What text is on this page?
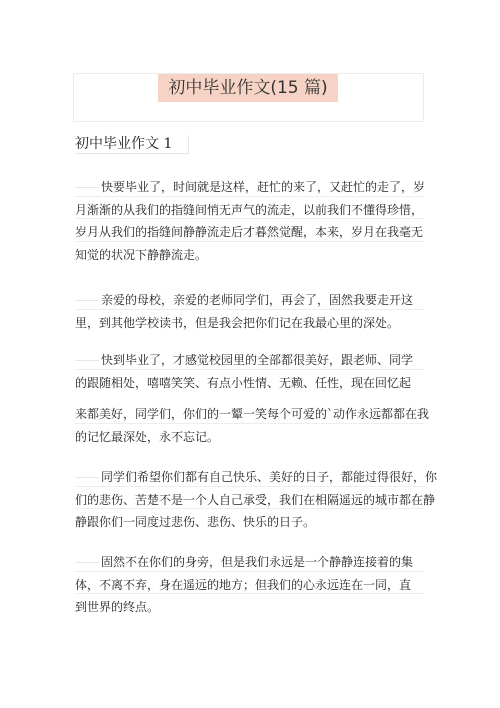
初中毕业作文(15 篇)
初中毕业作文 1
快要毕业了，时间就是这样，赶忙的来了，又赶忙的走了，岁
月渐渐的从我们的指缝间悄无声气的流走，以前我们不懂得珍惜，
岁月从我们的指缝间静静流走后才暮然觉醒，本来，岁月在我毫无
知觉的状况下静静流走。
亲爱的母校，亲爱的老师同学们，再会了，固然我要走开这
里，到其他学校读书，但是我会把你们记在我最心里的深处。
快到毕业了，才感觉校园里的全部都很美好，跟老师、同学
的跟随相处，嘻嘻笑笑、有点小性情、无赖、任性，现在回忆起
来都美好，同学们，你们的一颦一笑每个可爱的`动作永远都都在我
的记忆最深处，永不忘记。
同学们希望你们都有自己快乐、美好的日子，都能过得很好，你
们的悲伤、苦楚不是一个人自己承受，我们在相隔遥远的城市都在静
静跟你们一同度过悲伤、悲伤、快乐的日子。
固然不在你们的身旁，但是我们永远是一个静静连接着的集
体，不离不弃，身在遥远的地方；但我们的心永远连在一同，直
到世界的终点。
